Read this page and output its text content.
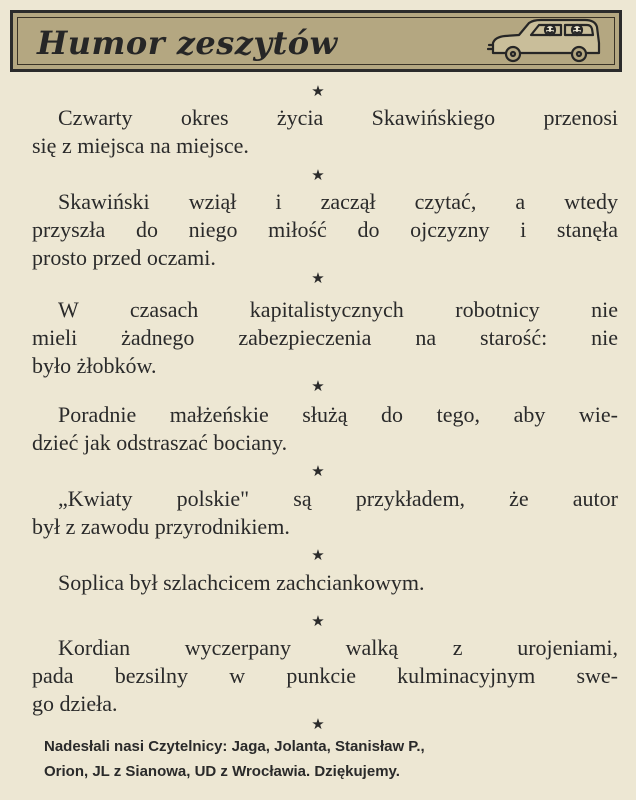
Humor zeszytów
★

Czwarty okres życia Skawińskiego przenosi
się z miejsca na miejsce.

★

Skawiński wziął i zaczął czytać, a wtedy
przyszła do niego miłość do ojczyzny i stanęła
prosto przed oczami.

★

W czasach kapitalistycznych robotnicy nie
mieli żadnego zabezpieczenia na starość: nie
było żłobków.

★

Poradnie małżeńskie służą do tego, aby wie-
dzieć jak odstraszać bociany.

★

„Kwiaty polskie" są przykładem, że autor
był z zawodu przyrodnikiem.

★

Soplica był szlachcicem zachciankowym.

★

Kordian wyczerpany walką z urojeniami,
pada bezsilny w punkcie kulminacyjnym swe-
go dzieła.

★
Nadesłali nasi Czytelnicy: Jaga, Jolanta, Stanisław P.,
Orion, JL z Sianowa, UD z Wrocławia. Dziękujemy.
